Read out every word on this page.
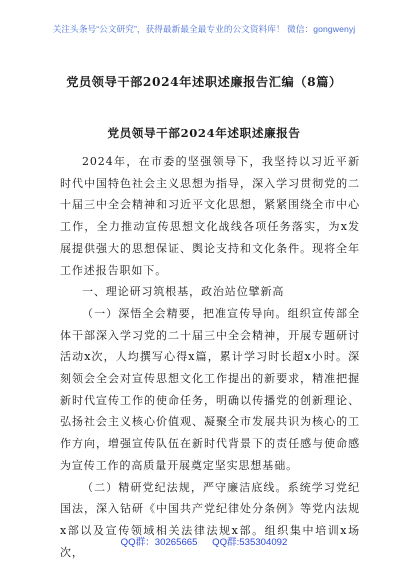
关注头条号“公文研究”，获得最新最全最专业的公文资料库！ 微信：gongwenyj
党员领导干部2024年述职述廉报告汇编（8篇）
党员领导干部2024年述职述廉报告

2024年，在市委的坚强领导下，我坚持以习近平新时代中国特色社会主义思想为指导，深入学习贯彻党的二十届三中全会精神和习近平文化思想，紧紧围绕全市中心工作，全力推动宣传思想文化战线各项任务落实，为x发展提供强大的思想保证、舆论支持和文化条件。现将全年工作述报告职如下。

一、理论研习筑根基，政治站位擘新高

（一）深悟全会精要，把准宣传导向。组织宣传部全体干部深入学习党的二十届三中全会精神，开展专题研讨活动x次，人均撰写心得x篇，累计学习时长超x小时。深刻领会全会对宣传思想文化工作提出的新要求，精准把握新时代宣传工作的使命任务，明确以传播党的创新理论、弘扬社会主义核心价值观、凝聚全市发展共识为核心的工作方向，增强宣传队伍在新时代背景下的责任感与使命感为宣传工作的高质量开展奠定坚实思想基础。

（二）精研党纪法规，严守廉洁底线。系统学习党纪国法，深入钻研《中国共产党纪律处分条例》等党内法规x部以及宣传领域相关法律法规x部。组织集中培训x场次，

QQ群：30265665 QQ群:535304092
